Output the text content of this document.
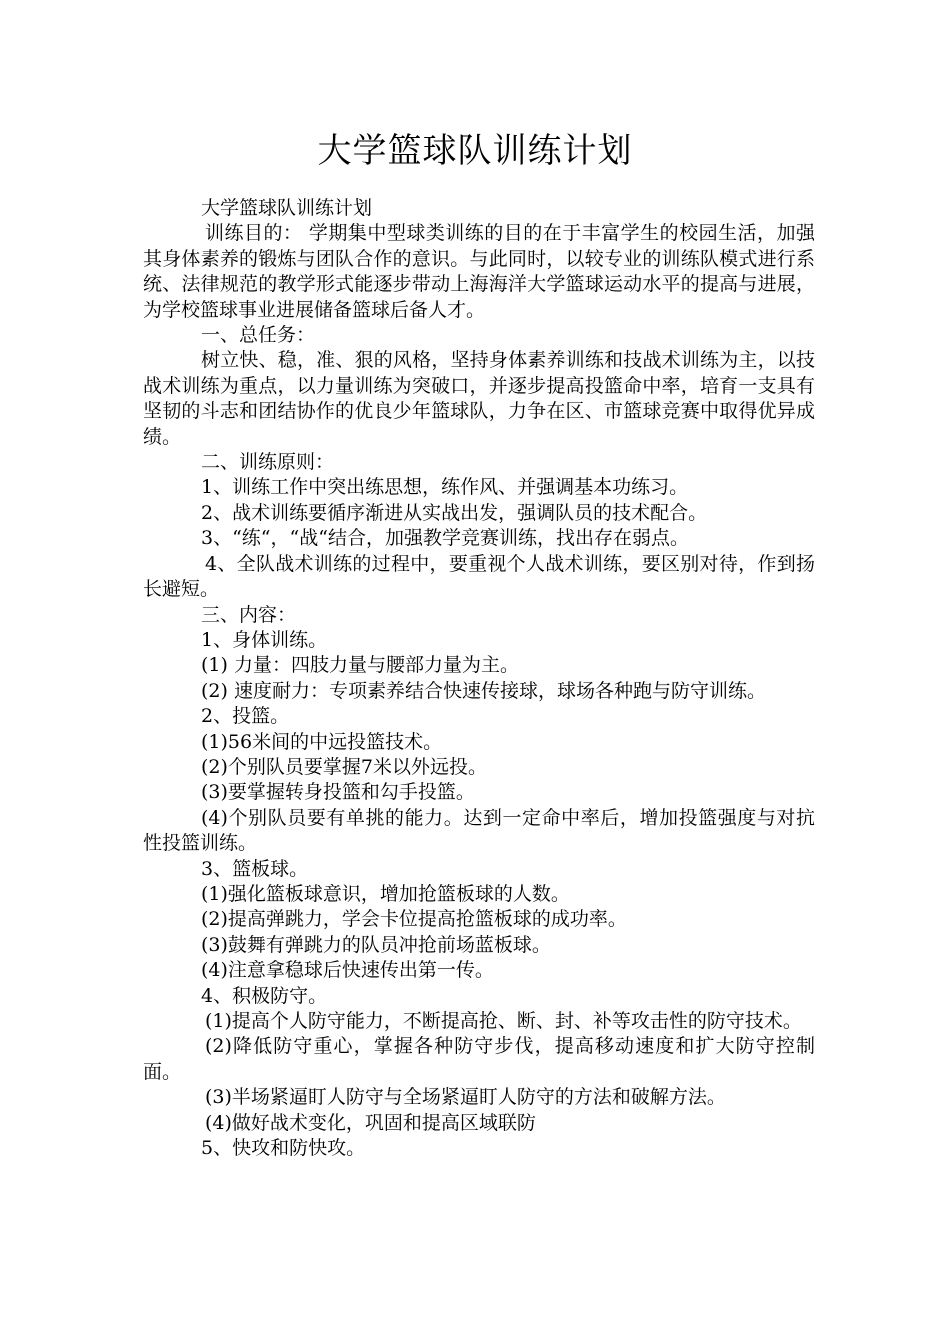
大学篮球队训练计划

大学篮球队训练计划

训练目的： 学期集中型球类训练的目的在于丰富学生的校园生活，加强其身体素养的锻炼与团队合作的意识。与此同时，以较专业的训练队模式进行系统、法律规范的教学形式能逐步带动上海海洋大学篮球运动水平的提高与进展，为学校篮球事业进展储备篮球后备人才。

一、总任务：

树立快、稳，准、狠的风格，坚持身体素养训练和技战术训练为主，以技战术训练为重点，以力量训练为突破口，并逐步提高投篮命中率，培育一支具有坚韧的斗志和团结协作的优良少年篮球队，力争在区、市篮球竞赛中取得优异成绩。

二、训练原则：

1、训练工作中突出练思想，练作风、并强调基本功练习。

2、战术训练要循序渐进从实战出发，强调队员的技术配合。

3、“练“，“战“结合，加强教学竞赛训练，找出存在弱点。

4、全队战术训练的过程中，要重视个人战术训练，要区别对待，作到扬长避短。

三、内容：

1、身体训练。

(1) 力量：四肢力量与腰部力量为主。

(2) 速度耐力：专项素养结合快速传接球，球场各种跑与防守训练。

2、投篮。

(1)56米间的中远投篮技术。

(2)个别队员要掌握7米以外远投。

(3)要掌握转身投篮和勾手投篮。

(4)个别队员要有单挑的能力。达到一定命中率后，增加投篮强度与对抗 性投篮训练。

3、篮板球。

(1)强化篮板球意识，增加抢篮板球的人数。

(2)提高弹跳力，学会卡位提高抢篮板球的成功率。

(3)鼓舞有弹跳力的队员冲抢前场蓝板球。

(4)注意拿稳球后快速传出第一传。

4、积极防守。

(1)提高个人防守能力，不断提高抢、断、封、补等攻击性的防守技术。

(2)降低防守重心，掌握各种防守步伐，提高移动速度和扩大防守控制面。

(3)半场紧逼盯人防守与全场紧逼盯人防守的方法和破解方法。

(4)做好战术变化，巩固和提高区域联防

5、快攻和防快攻。
